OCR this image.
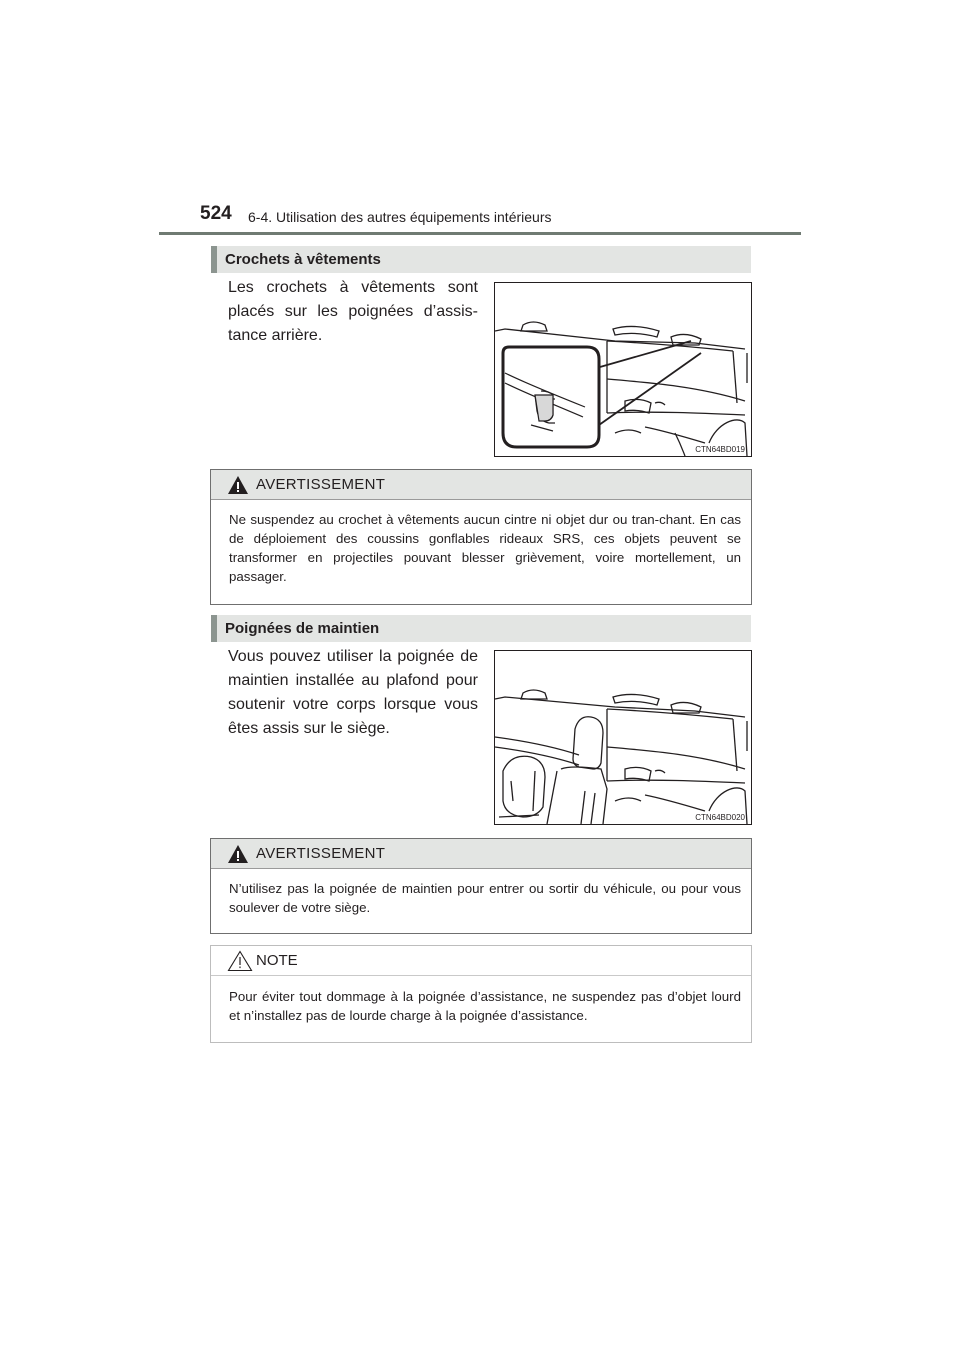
524 6-4. Utilisation des autres équipements intérieurs
Crochets à vêtements
Les crochets à vêtements sont placés sur les poignées d’assis-tance arrière.
CTN64BD019
AVERTISSEMENT
Ne suspendez au crochet à vêtements aucun cintre ni objet dur ou tran-chant. En cas de déploiement des coussins gonflables rideaux SRS, ces objets peuvent se transformer en projectiles pouvant blesser grièvement, voire mortellement, un passager.
Poignées de maintien
Vous pouvez utiliser la poignée de maintien installée au plafond pour soutenir votre corps lorsque vous êtes assis sur le siège.
CTN64BD020
AVERTISSEMENT
N’utilisez pas la poignée de maintien pour entrer ou sortir du véhicule, ou pour vous soulever de votre siège.
NOTE
Pour éviter tout dommage à la poignée d’assistance, ne suspendez pas d’objet lourd et n’installez pas de lourde charge à la poignée d’assistance.
